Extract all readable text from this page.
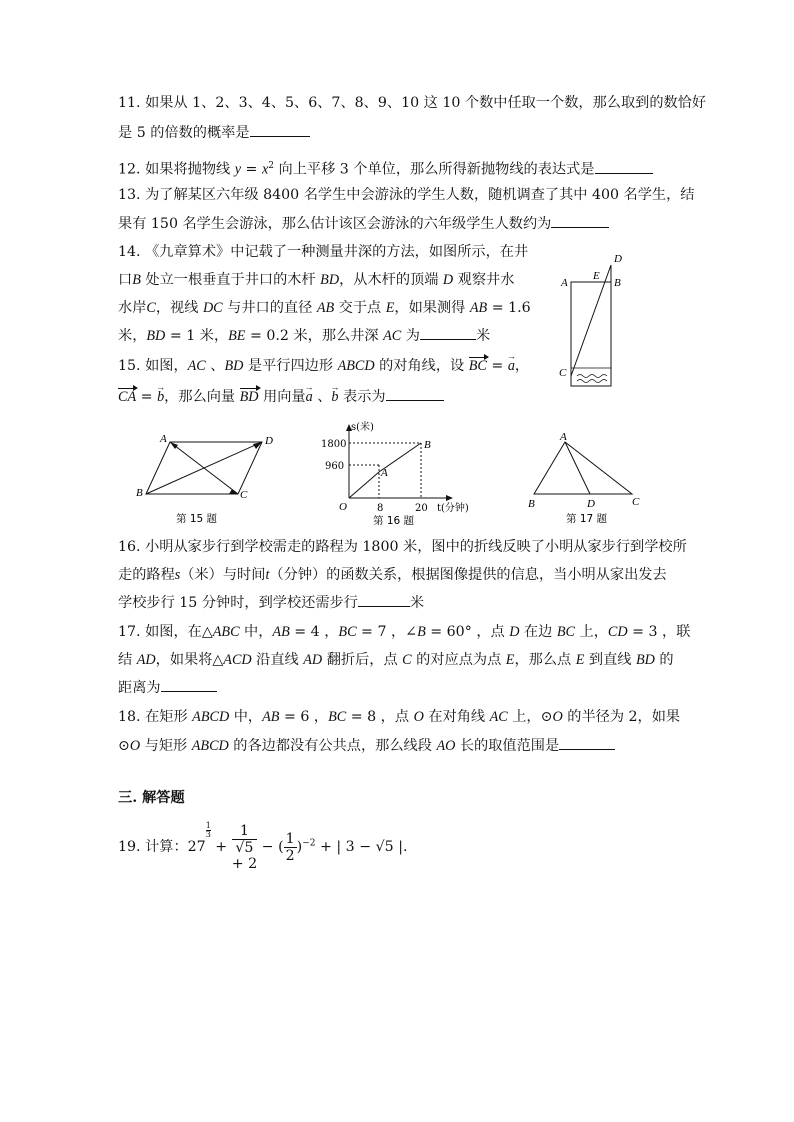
11. 如果从 1、2、3、4、5、6、7、8、9、10 这 10 个数中任取一个数，那么取到的数恰好
是 5 的倍数的概率是
12. 如果将抛物线 $y = x^2$ 向上平移 3 个单位，那么所得新抛物线的表达式是
13. 为了解某区六年级 8400 名学生中会游泳的学生人数，随机调查了其中 400 名学生，结
果有 150 名学生会游泳，那么估计该区会游泳的六年级学生人数约为
14. 《九章算术》中记载了一种测量井深的方法，如图所示，在井
口B 处立一根垂直于井口的木杆 BD，从木杆的顶端 D 观察井水
水岸C，视线 DC 与井口的直径 AB 交于点 E，如果测得 AB = 1.6
米，BD = 1 米，BE = 0.2 米，那么井深 AC 为	米
15. 如图，AC 、BD 是平行四边形 ABCD 的对角线，设 BC = a →，
CA = b →，那么向量 BD 用向量a → 、b → 表示为
A	B
D
E
C
A	D
B	C
第 15 题
s(米)
1800
960
8	20 t(分钟)
O
A
B
第 16 题
A
B	D	C
第 17 题
16. 小明从家步行到学校需走的路程为 1800 米，图中的折线反映了小明从家步行到学校所
走的路程s（米）与时间t（分钟）的函数关系，根据图像提供的信息，当小明从家出发去
学校步行 15 分钟时，到学校还需步行	米
17. 如图，在△ABC 中，AB = 4 ，BC = 7 ，∠B = 60° ，点 D 在边 BC 上，CD = 3 ，联
结 AD，如果将△ACD 沿直线 AD 翻折后，点 C 的对应点为点 E，那么点 E 到直线 BD 的
距离为
18. 在矩形 ABCD 中，AB = 6 ，BC = 8 ，点 O 在对角线 AC 上，⊙O 的半径为 2，如果
⊙O 与矩形 ABCD 的各边都没有公共点，那么线段 AO 长的取值范围是
三. 解答题
19. 计算：27
$\frac{1}{3}$
+ 1
√5
+ 2 − ( $\frac{1}{2} )^{-2}$ + | 3 − √5 |.
